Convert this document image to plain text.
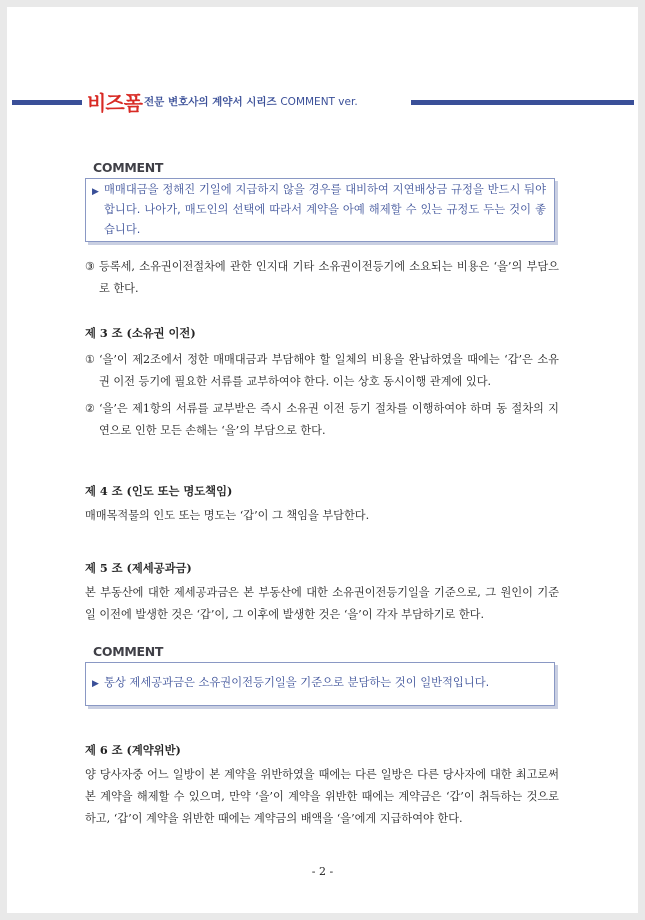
비즈폼 전문 변호사의 계약서 시리즈 COMMENT ver.
COMMENT
▶ 매매대금을 정해진 기일에 지급하지 않을 경우를 대비하여 지연배상금 규정을 반드시 둬야 합니다. 나아가, 매도인의 선택에 따라서 계약을 아예 해제할 수 있는 규정도 두는 것이 좋습니다.
③ 등록세, 소유권이전절차에 관한 인지대 기타 소유권이전등기에 소요되는 비용은 ‘을’의 부담으로 한다.
제 3 조 (소유권 이전)
① ‘을’이 제2조에서 정한 매매대금과 부담해야 할 일체의 비용을 완납하였을 때에는 ‘갑’은 소유권 이전 등기에 필요한 서류를 교부하여야 한다. 이는 상호 동시이행 관계에 있다.
② ‘을’은 제1항의 서류를 교부받은 즉시 소유권 이전 등기 절차를 이행하여야 하며 동 절차의 지연으로 인한 모든 손해는 ‘을’의 부담으로 한다.
제 4 조 (인도 또는 명도책임)
매매목적물의 인도 또는 명도는 ‘갑’이 그 책임을 부담한다.
제 5 조 (제세공과금)
본 부동산에 대한 제세공과금은 본 부동산에 대한 소유권이전등기일을 기준으로, 그 원인이 기준일 이전에 발생한 것은 ‘갑’이, 그 이후에 발생한 것은 ‘을’이 각자 부담하기로 한다.
COMMENT
▶ 통상 제세공과금은 소유권이전등기일을 기준으로 분담하는 것이 일반적입니다.
제 6 조 (계약위반)
양 당사자중 어느 일방이 본 계약을 위반하였을 때에는 다른 일방은 다른 당사자에 대한 최고로써 본 계약을 해제할 수 있으며, 만약 ‘을’이 계약을 위반한 때에는 계약금은 ‘갑’이 취득하는 것으로 하고, ‘갑’이 계약을 위반한 때에는 계약금의 배액을 ‘을’에게 지급하여야 한다.
- 2 -
